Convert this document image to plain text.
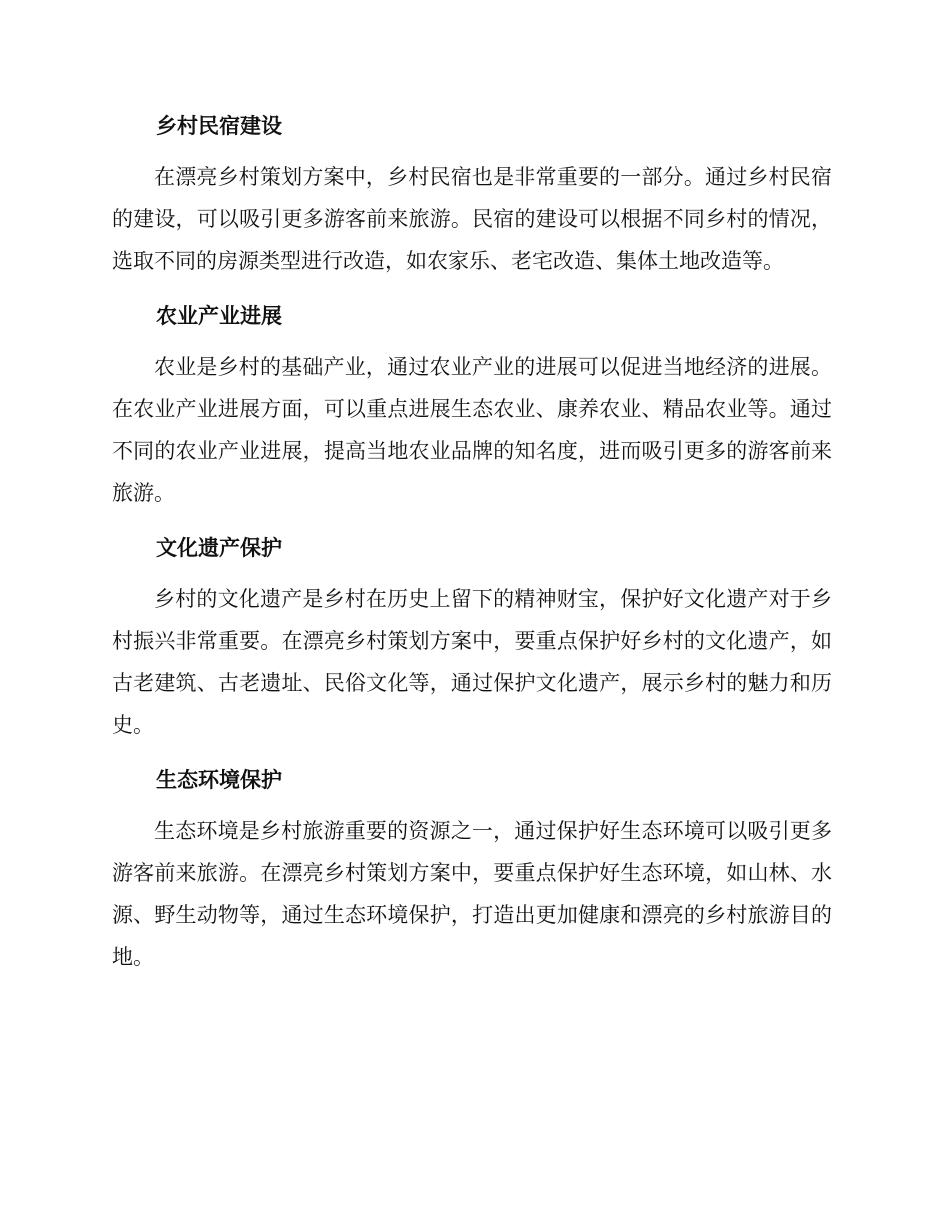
乡村民宿建设

在漂亮乡村策划方案中，乡村民宿也是非常重要的一部分。通过乡村民宿的建设，可以吸引更多游客前来旅游。民宿的建设可以根据不同乡村的情况，选取不同的房源类型进行改造，如农家乐、老宅改造、集体土地改造等。

农业产业进展

农业是乡村的基础产业，通过农业产业的进展可以促进当地经济的进展。在农业产业进展方面，可以重点进展生态农业、康养农业、精品农业等。通过不同的农业产业进展，提高当地农业品牌的知名度，进而吸引更多的游客前来旅游。

文化遗产保护

乡村的文化遗产是乡村在历史上留下的精神财宝，保护好文化遗产对于乡村振兴非常重要。在漂亮乡村策划方案中，要重点保护好乡村的文化遗产，如古老建筑、古老遗址、民俗文化等，通过保护文化遗产，展示乡村的魅力和历史。

生态环境保护

生态环境是乡村旅游重要的资源之一，通过保护好生态环境可以吸引更多游客前来旅游。在漂亮乡村策划方案中，要重点保护好生态环境，如山林、水源、野生动物等，通过生态环境保护，打造出更加健康和漂亮的乡村旅游目的地。
